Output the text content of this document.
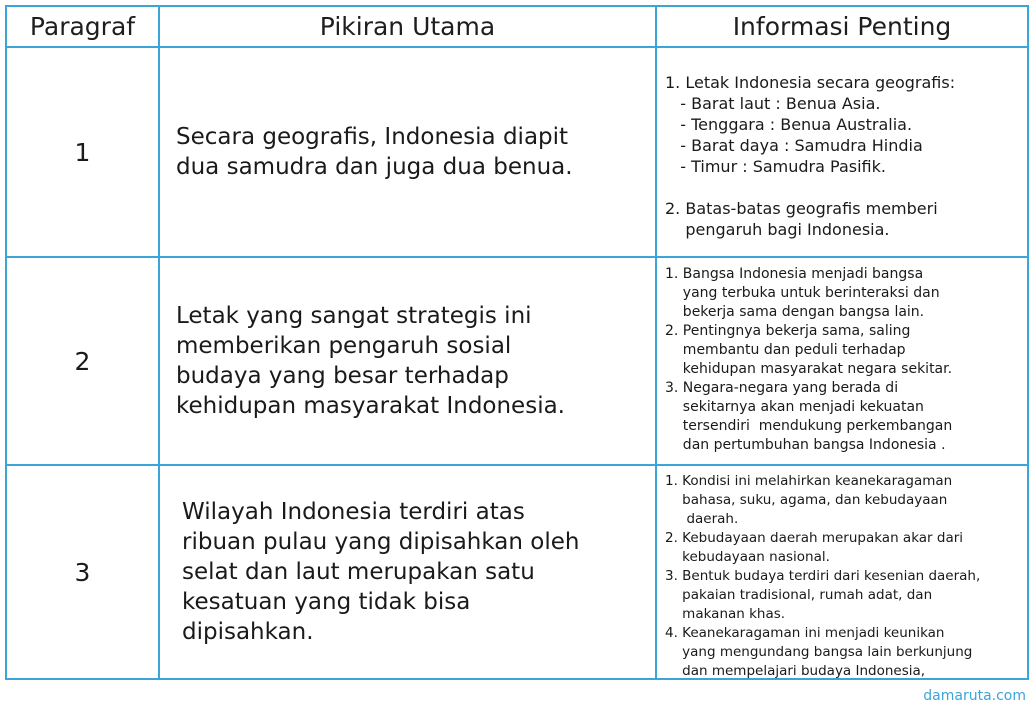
Paragraf	Pikiran Utama	Informasi Penting
1
Secara geografis, Indonesia diapit
dua samudra dan juga dua benua.
1. Letak Indonesia secara geografis:
- Barat laut : Benua Asia.
- Tenggara : Benua Australia.
- Barat daya : Samudra Hindia
- Timur : Samudra Pasifik.
2. Batas-batas geografis memberi
pengaruh bagi Indonesia.
2
Letak yang sangat strategis ini
memberikan pengaruh sosial
budaya yang besar terhadap
kehidupan masyarakat Indonesia.
1. Bangsa Indonesia menjadi bangsa
yang terbuka untuk berinteraksi dan
bekerja sama dengan bangsa lain.
2. Pentingnya bekerja sama, saling
membantu dan peduli terhadap
kehidupan masyarakat negara sekitar.
3. Negara-negara yang berada di
sekitarnya akan menjadi kekuatan
tersendiri  mendukung perkembangan
dan pertumbuhan bangsa Indonesia .
3
Wilayah Indonesia terdiri atas
ribuan pulau yang dipisahkan oleh
selat dan laut merupakan satu
kesatuan yang tidak bisa
dipisahkan.
1. Kondisi ini melahirkan keanekaragaman
bahasa, suku, agama, dan kebudayaan
daerah.
2. Kebudayaan daerah merupakan akar dari
kebudayaan nasional.
3. Bentuk budaya terdiri dari kesenian daerah,
pakaian tradisional, rumah adat, dan
makanan khas.
4. Keanekaragaman ini menjadi keunikan
yang mengundang bangsa lain berkunjung
dan mempelajari budaya Indonesia,
damaruta.com
